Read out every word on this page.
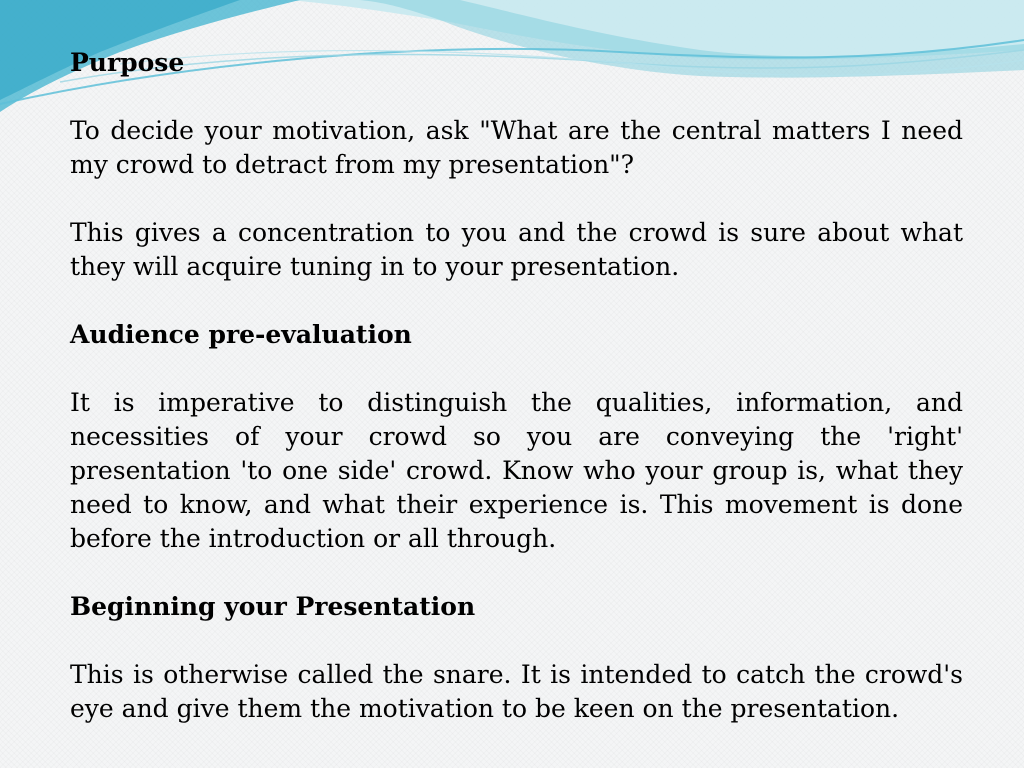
Purpose

To decide your motivation, ask "What are the central matters I need my crowd to detract from my presentation"?

This gives a concentration to you and the crowd is sure about what they will acquire tuning in to your presentation.

Audience pre-evaluation

It is imperative to distinguish the qualities, information, and necessities of your crowd so you are conveying the 'right' presentation 'to one side' crowd. Know who your group is, what they need to know, and what their experience is. This movement is done before the introduction or all through.

Beginning your Presentation

This is otherwise called the snare. It is intended to catch the crowd's eye and give them the motivation to be keen on the presentation.
